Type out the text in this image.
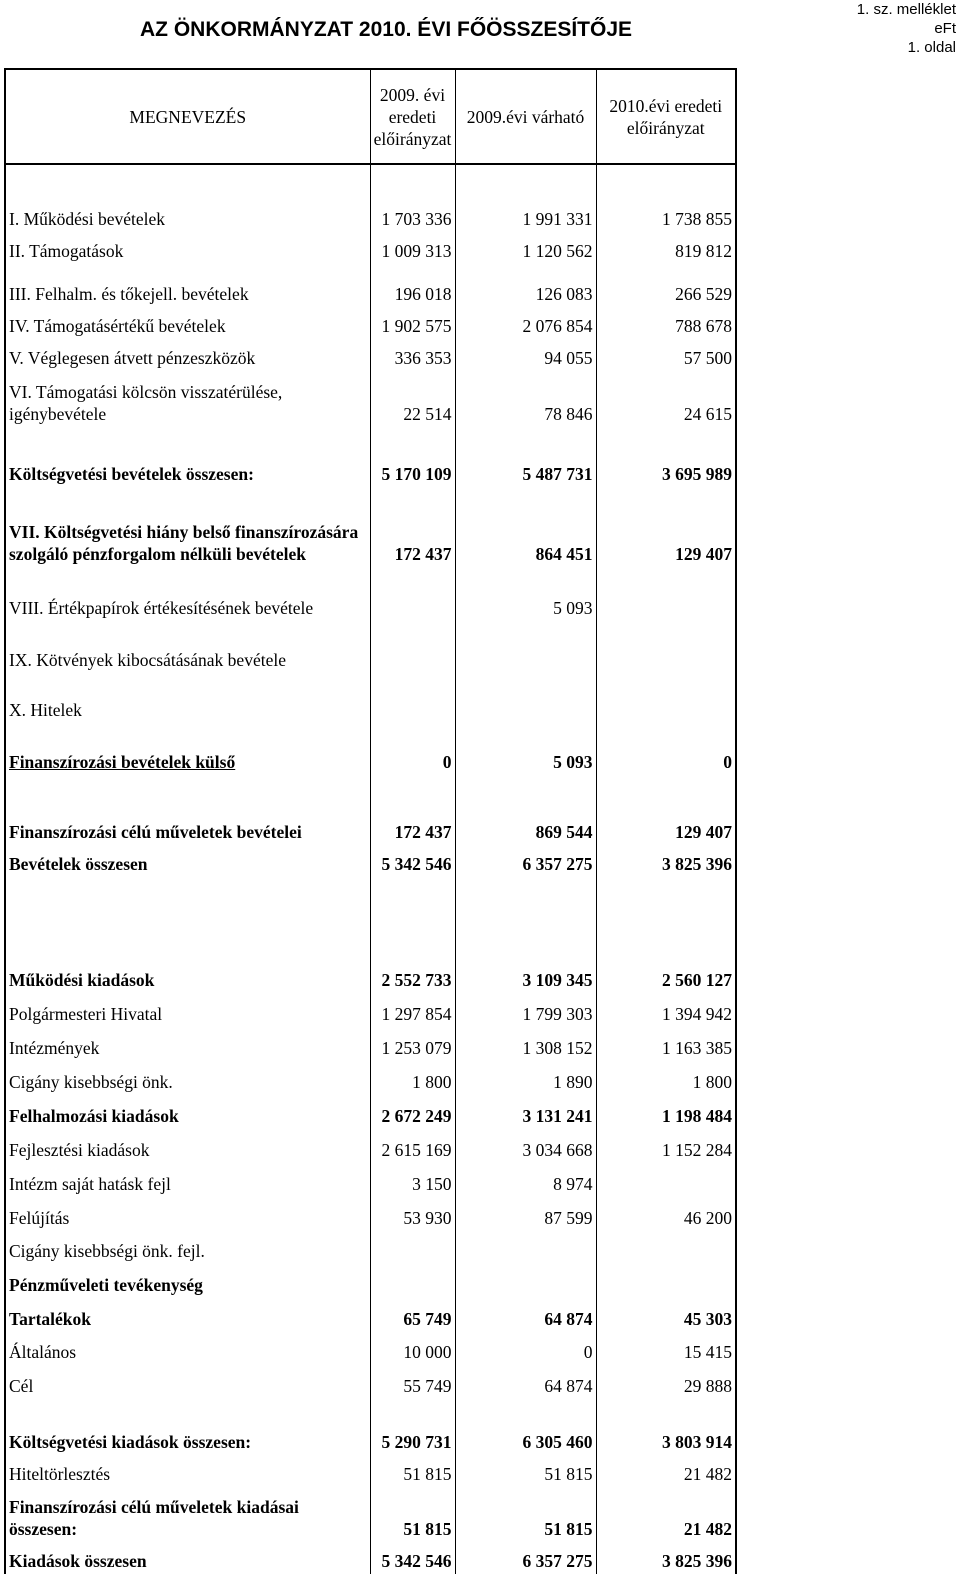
AZ ÖNKORMÁNYZAT 2010. ÉVI FŐÖSSZESÍTŐJE
1. sz. melléklet
eFt
1. oldal
MEGNEVEZÉS	2009. évi eredeti előirányzat	2009.évi várható	2010.évi eredeti előirányzat

I. Működési bevételek	1 703 336	1 991 331	1 738 855
II. Támogatások	1 009 313	1 120 562	819 812
III. Felhalm. és tőkejell. bevételek	196 018	126 083	266 529
IV. Támogatásértékű bevételek	1 902 575	2 076 854	788 678
V. Véglegesen átvett pénzeszközök	336 353	94 055	57 500
VI. Támogatási kölcsön visszatérülése, igénybevétele	22 514	78 846	24 615
Költségvetési bevételek összesen:	5 170 109	5 487 731	3 695 989
VII. Költségvetési hiány belső finanszírozására szolgáló pénzforgalom nélküli bevételek	172 437	864 451	129 407
VIII. Értékpapírok értékesítésének bevétele		5 093	
IX. Kötvények kibocsátásának bevétele			
X. Hitelek			
Finanszírozási bevételek külső	0	5 093	0
Finanszírozási célú műveletek bevételei	172 437	869 544	129 407
Bevételek összesen	5 342 546	6 357 275	3 825 396

Működési kiadások	2 552 733	3 109 345	2 560 127
Polgármesteri Hivatal	1 297 854	1 799 303	1 394 942
Intézmények	1 253 079	1 308 152	1 163 385
Cigány kisebbségi önk.	1 800	1 890	1 800
Felhalmozási kiadások	2 672 249	3 131 241	1 198 484
Fejlesztési kiadások	2 615 169	3 034 668	1 152 284
Intézm saját hatásk fejl	3 150	8 974	
Felújítás	53 930	87 599	46 200
Cigány kisebbségi önk. fejl.			
Pénzműveleti tevékenység			
Tartalékok	65 749	64 874	45 303
Általános	10 000	0	15 415
Cél	55 749	64 874	29 888
Költségvetési kiadások összesen:	5 290 731	6 305 460	3 803 914
Hiteltörlesztés	51 815	51 815	21 482
Finanszírozási célú műveletek kiadásai összesen:	51 815	51 815	21 482
Kiadások összesen	5 342 546	6 357 275	3 825 396
